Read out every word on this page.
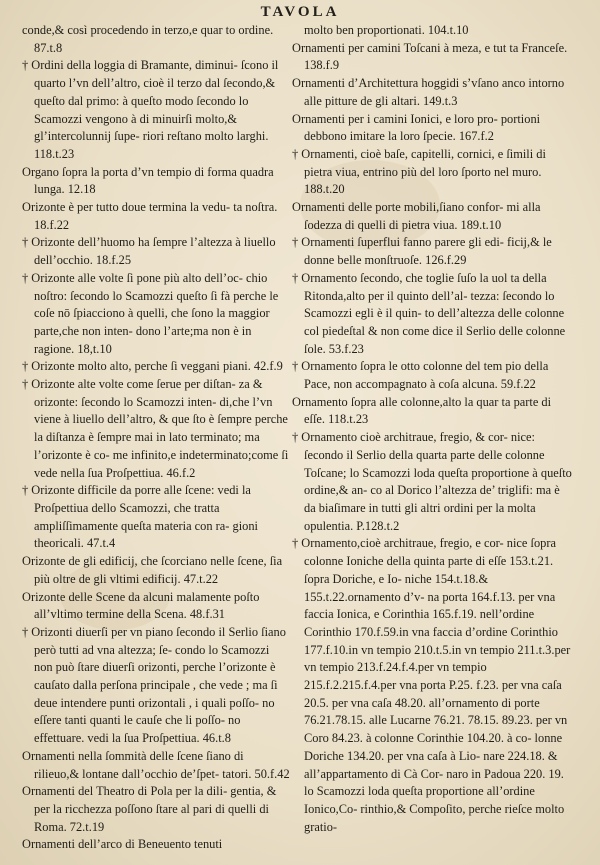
TAVOLA

conde,& così procedendo in terzo,e quar to ordine. 87.t.8

† Ordini della loggia di Bramante, diminui- ſcono il quarto l’vn dell’altro, cioè il terzo dal ſecondo,& queſto dal primo: à queſto modo ſecondo lo Scamozzi vengono à di minuirſi molto,& gl’intercolunnij ſupe- riori reſtano molto larghi. 118.t.23

Organo ſopra la porta d’vn tempio di forma quadra lunga. 12.18

Orizonte è per tutto doue termina la vedu- ta noſtra. 18.f.22

† Orizonte dell’huomo ha ſempre l’altezza à liuello dell’occhio. 18.f.25

† Orizonte alle volte ſi pone più alto dell’oc- chio noſtro: ſecondo lo Scamozzi queſto ſi fà perche le coſe nō ſpiacciono à quelli, che ſono la maggior parte,che non inten- dono l’arte;ma non è in ragione. 18,t.10

† Orizonte molto alto, perche ſi veggani piani. 42.f.9

† Orizonte alte volte come ſerue per diſtan- za & orizonte: ſecondo lo Scamozzi inten- di,che l’vn viene à liuello dell’altro, & que ſto è ſempre perche la diſtanza è ſempre mai in lato terminato; ma l’orizonte è co- me infinito,e indeterminato;come ſi vede nella ſua Proſpettiua. 46.f.2

† Orizonte difficile da porre alle ſcene: vedi la Proſpettiua dello Scamozzi, che tratta ampliſſimamente queſta materia con ra- gioni theoricali. 47.t.4

Orizonte de gli edificij, che ſcorciano nelle ſcene, ſia più oltre de gli vltimi edificij. 47.t.22

Orizonte delle Scene da alcuni malamente poſto all’vltimo termine della Scena. 48.f.31

† Orizonti diuerſi per vn piano ſecondo il Serlio ſiano però tutti ad vna altezza; ſe- condo lo Scamozzi non può ſtare diuerſi orizonti, perche l’orizonte è cauſato dalla perſona principale , che vede ; ma ſi deue intendere punti orizontali , i quali poſſo- no eſſere tanti quanti le cauſe che li poſſo- no effettuare. vedi la ſua Proſpettiua. 46.t.8

Ornamenti nella ſommità delle ſcene ſiano di rilieuo,& lontane dall’occhio de’ſpet- tatori. 50.f.42

Ornamenti del Theatro di Pola per la dili- gentia, & per la ricchezza poſſono ſtare al pari di quelli di Roma. 72.t.19

Ornamenti dell’arco di Beneuento tenuti

molto ben proportionati. 104.t.10

Ornamenti per camini Toſcani à meza, e tut ta Franceſe. 138.f.9

Ornamenti d’Architettura hoggidi s’vſano anco intorno alle pitture de gli altari. 149.t.3

Ornamenti per i camini Ionici, e loro pro- portioni debbono imitare la loro ſpecie. 167.f.2

† Ornamenti, cioè baſe, capitelli, cornici, e ſimili di pietra viua, entrino più del loro ſporto nel muro. 188.t.20

Ornamenti delle porte mobili,ſiano confor- mi alla ſodezza di quelli di pietra viua. 189.t.10

† Ornamenti ſuperflui fanno parere gli edi- ficij,& le donne belle monſtruoſe. 126.f.29

† Ornamento ſecondo, che toglie ſuſo la uol ta della Ritonda,alto per il quinto dell’al- tezza: ſecondo lo Scamozzi egli è il quin- to dell’altezza delle colonne col piedeſtal & non come dice il Serlio delle colonne ſole. 53.f.23

† Ornamento ſopra le otto colonne del tem pio della Pace, non accompagnato à coſa alcuna. 59.f.22

Ornamento ſopra alle colonne,alto la quar ta parte di eſſe. 118.t.23

† Ornamento cioè architraue, fregio, & cor- nice: ſecondo il Serlio della quarta parte delle colonne Toſcane; lo Scamozzi loda queſta proportione à queſto ordine,& an- co al Dorico l’altezza de’ triglifi: ma è da biaſimare in tutti gli altri ordini per la molta opulentia. P.128.t.2

† Ornamento,cioè architraue, fregio, e cor- nice ſopra colonne Ioniche della quinta parte di eſſe 153.t.21. ſopra Doriche, e Io- niche 154.t.18.& 155.t.22.ornamento d’v- na porta 164.f.13. per vna faccia Ionica, e Corinthia 165.f.19. nell’ordine Corinthio 170.f.59.in vna faccia d’ordine Corinthio 177.f.10.in vn tempio 210.t.5.in vn tempio 211.t.3.per vn tempio 213.f.24.f.4.per vn tempio 215.f.2.215.f.4.per vna porta P.25. f.23. per vna caſa 20.5. per vna caſa 48.20. all’ornamento di porte 76.21.78.15. alle Lucarne 76.21. 78.15. 89.23. per vn Coro 84.23. à colonne Corinthie 104.20. à co- lonne Doriche 134.20. per vna caſa à Lio- nare 224.18. & all’appartamento di Cà Cor- naro in Padoua 220. 19. lo Scamozzi loda queſta proportione all’ordine Ionico,Co- rinthio,& Compoſito, perche rieſce molto gratio-
